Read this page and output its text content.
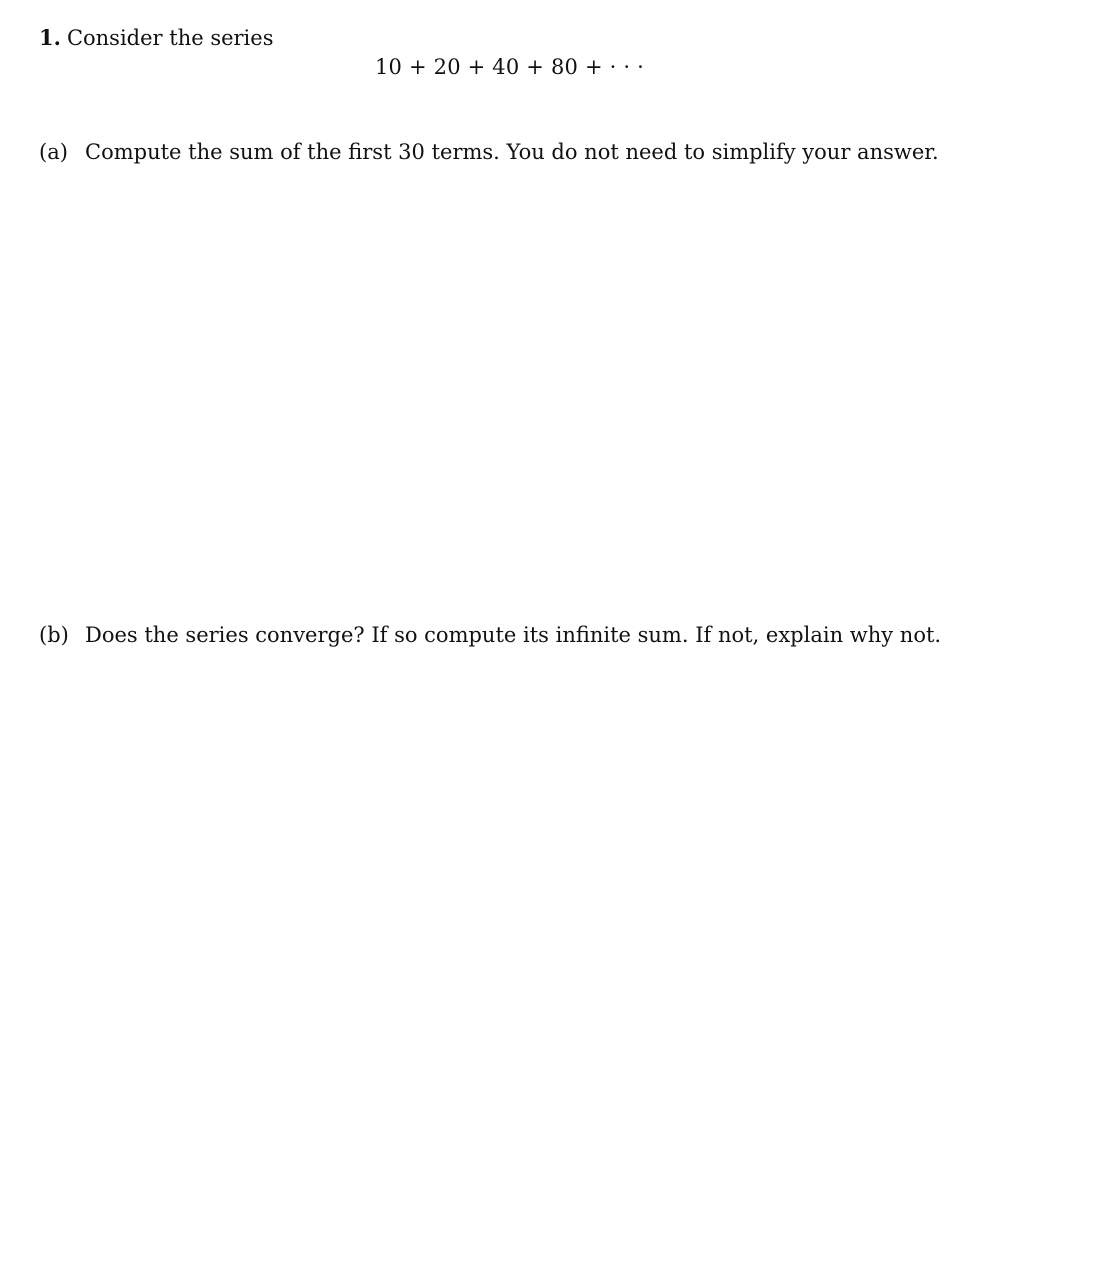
1. Consider the series
10 + 20 + 40 + 80 + · · ·
(a) Compute the sum of the first 30 terms. You do not need to simplify your answer.
(b) Does the series converge? If so compute its infinite sum. If not, explain why not.
